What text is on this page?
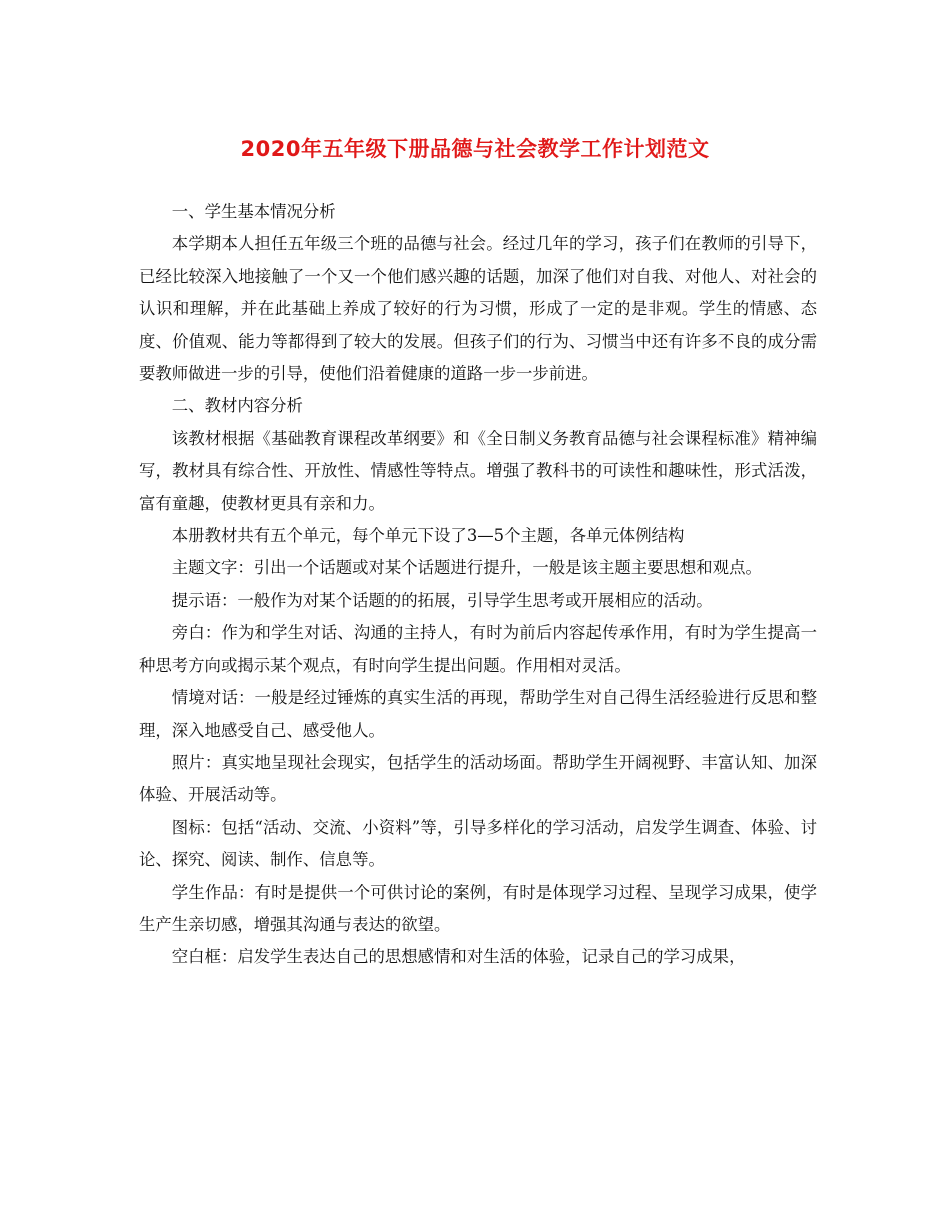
2020年五年级下册品德与社会教学工作计划范文

一、学生基本情况分析

本学期本人担任五年级三个班的品德与社会。经过几年的学习，孩子们在教师的引导下，已经比较深入地接触了一个又一个他们感兴趣的话题，加深了他们对自我、对他人、对社会的认识和理解，并在此基础上养成了较好的行为习惯，形成了一定的是非观。学生的情感、态度、价值观、能力等都得到了较大的发展。但孩子们的行为、习惯当中还有许多不良的成分需要教师做进一步的引导，使他们沿着健康的道路一步一步前进。

二、教材内容分析

该教材根据《基础教育课程改革纲要》和《全日制义务教育品德与社会课程标准》精神编写，教材具有综合性、开放性、情感性等特点。增强了教科书的可读性和趣味性，形式活泼，富有童趣，使教材更具有亲和力。

本册教材共有五个单元，每个单元下设了3—5个主题，各单元体例结构

主题文字：引出一个话题或对某个话题进行提升，一般是该主题主要思想和观点。

提示语：一般作为对某个话题的的拓展，引导学生思考或开展相应的活动。

旁白：作为和学生对话、沟通的主持人，有时为前后内容起传承作用，有时为学生提高一种思考方向或揭示某个观点，有时向学生提出问题。作用相对灵活。

情境对话：一般是经过锤炼的真实生活的再现，帮助学生对自己得生活经验进行反思和整理，深入地感受自己、感受他人。

照片：真实地呈现社会现实，包括学生的活动场面。帮助学生开阔视野、丰富认知、加深体验、开展活动等。

图标：包括“活动、交流、小资料”等，引导多样化的学习活动，启发学生调查、体验、讨论、探究、阅读、制作、信息等。

学生作品：有时是提供一个可供讨论的案例，有时是体现学习过程、呈现学习成果，使学生产生亲切感，增强其沟通与表达的欲望。

空白框：启发学生表达自己的思想感情和对生活的体验，记录自己的学习成果，
